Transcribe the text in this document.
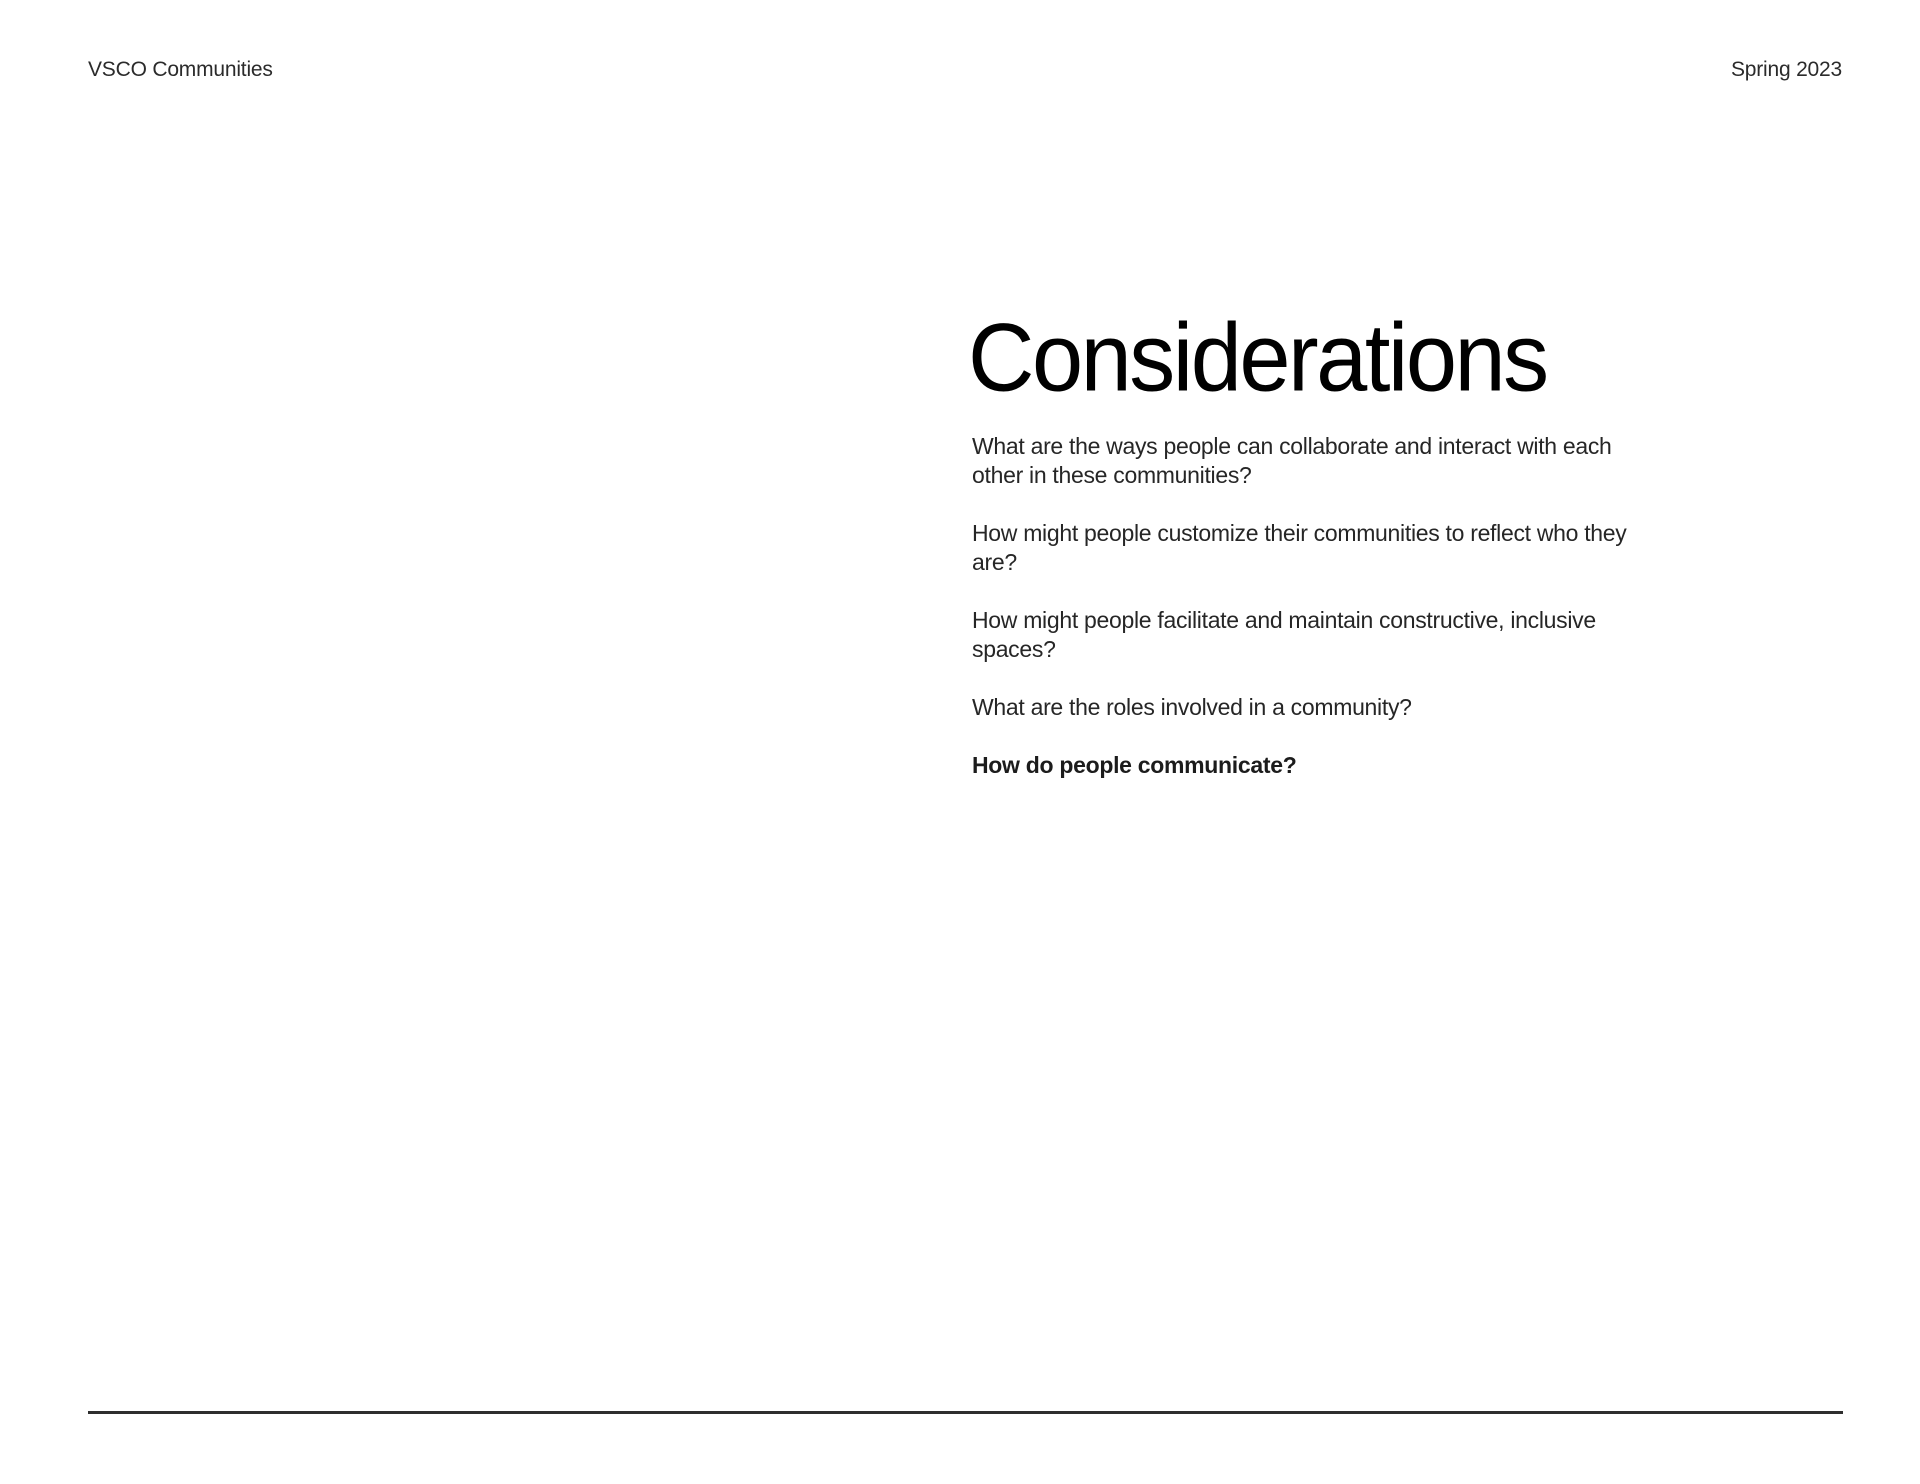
VSCO Communities	Spring 2023
Considerations

What are the ways people can collaborate and interact with each other in these communities?

How might people customize their communities to reflect who they are?

How might people facilitate and maintain constructive, inclusive spaces?

What are the roles involved in a community?

How do people communicate?
